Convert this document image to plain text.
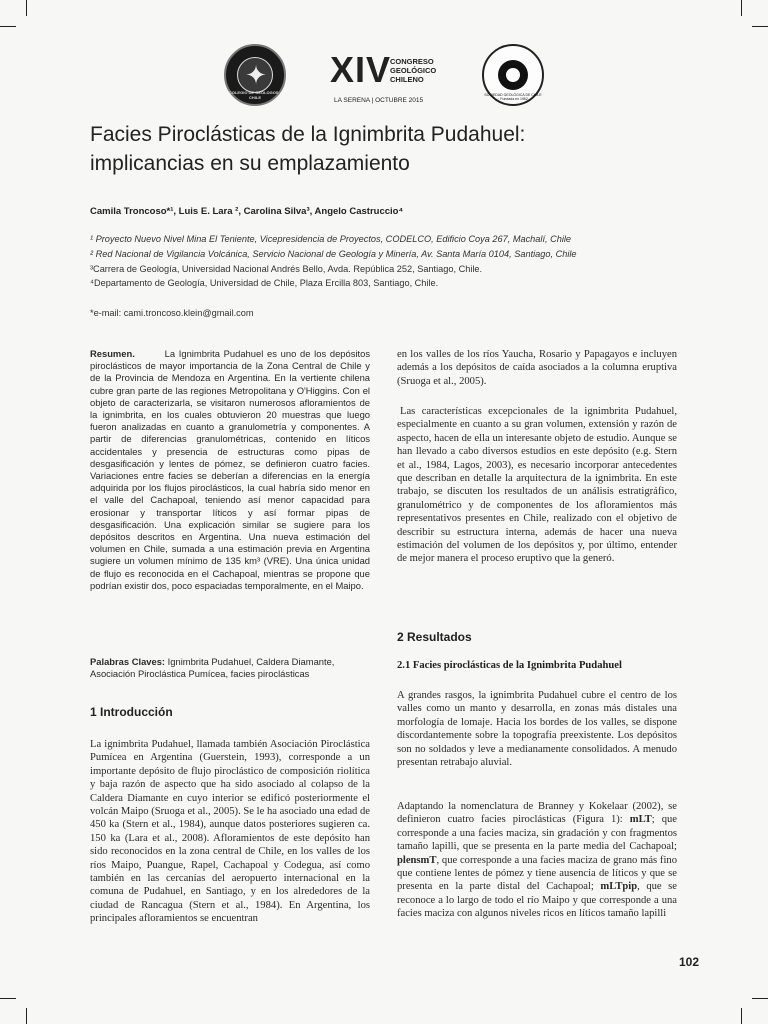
✦
COLEGIO DE GEOLOGOS · CHILE
XIV
CONGRESO
GEOLÓGICO
CHILENO
LA SERENA | OCTUBRE 2015
SOCIEDAD GEOLÓGICA DE CHILE · Fundada en 1962
Facies Piroclásticas de la Ignimbrita Pudahuel:
implicancias en su emplazamiento
Camila Troncoso*¹, Luis E. Lara ², Carolina Silva³, Angelo Castruccio⁴
¹ Proyecto Nuevo Nivel Mina El Teniente, Vicepresidencia de Proyectos, CODELCO, Edificio Coya 267, Machalí, Chile
² Red Nacional de Vigilancia Volcánica, Servicio Nacional de Geología y Minería, Av. Santa María 0104, Santiago, Chile
³Carrera de Geología, Universidad Nacional Andrés Bello, Avda. República 252, Santiago, Chile.
⁴Departamento de Geología, Universidad de Chile, Plaza Ercilla 803, Santiago, Chile.
*e-mail: cami.troncoso.klein@gmail.com

Resumen.	La Ignimbrita Pudahuel es uno de los depósitos piroclásticos de mayor importancia de la Zona Central de Chile y de la Provincia de Mendoza en Argentina. En la vertiente chilena cubre gran parte de las regiones Metropolitana y O'Higgins. Con el objeto de caracterizarla, se visitaron numerosos afloramientos de la ignimbrita, en los cuales obtuvieron 20 muestras que luego fueron analizadas en cuanto a granulometría y componentes. A partir de diferencias granulométricas, contenido en líticos accidentales y presencia de estructuras como pipas de desgasificación y lentes de pómez, se definieron cuatro facies. Variaciones entre facies se deberían a diferencias en la energía adquirida por los flujos piroclásticos, la cual habría sido menor en el valle del Cachapoal, teniendo así menor capacidad para erosionar y transportar líticos y así formar pipas de desgasificación. Una explicación similar se sugiere para los depósitos descritos en Argentina. Una nueva estimación del volumen en Chile, sumada a una estimación previa en Argentina sugiere un volumen mínimo de 135 km³ (VRE). Una única unidad de flujo es reconocida en el Cachapoal, mientras se propone que podrían existir dos, poco espaciadas temporalmente, en el Maipo.

Palabras Claves: Ignimbrita Pudahuel, Caldera Diamante, Asociación Piroclástica Pumícea, facies piroclásticas

1 Introducción
La ignimbrita Pudahuel, llamada también Asociación Piroclástica Pumícea en Argentina (Guerstein, 1993), corresponde a un importante depósito de flujo piroclástico de composición riolítica y baja razón de aspecto que ha sido asociado al colapso de la Caldera Diamante en cuyo interior se edificó posteriormente el volcán Maipo (Sruoga et al., 2005). Se le ha asociado una edad de 450 ka (Stern et al., 1984), aunque datos posteriores sugieren ca. 150 ka (Lara et al., 2008). Afloramientos de este depósito han sido reconocidos en la zona central de Chile, en los valles de los ríos Maipo, Puangue, Rapel, Cachapoal y Codegua, así como también en las cercanías del aeropuerto internacional en la comuna de Pudahuel, en Santiago, y en los alrededores de la ciudad de Rancagua (Stern et al., 1984). En Argentina, los principales afloramientos se encuentran
en los valles de los ríos Yaucha, Rosario y Papagayos e incluyen además a los depósitos de caída asociados a la columna eruptiva (Sruoga et al., 2005).
Las características excepcionales de la ignimbrita Pudahuel, especialmente en cuanto a su gran volumen, extensión y razón de aspecto, hacen de ella un interesante objeto de estudio. Aunque se han llevado a cabo diversos estudios en este depósito (e.g. Stern et al., 1984, Lagos, 2003), es necesario incorporar antecedentes que describan en detalle la arquitectura de la ignimbrita. En este trabajo, se discuten los resultados de un análisis estratigráfico, granulométrico y de componentes de los afloramientos más representativos presentes en Chile, realizado con el objetivo de describir su estructura interna, además de hacer una nueva estimación del volumen de los depósitos y, por último, entender de mejor manera el proceso eruptivo que la generó.
2 Resultados
2.1 Facies piroclásticas de la Ignimbrita Pudahuel
A grandes rasgos, la ignimbrita Pudahuel cubre el centro de los valles como un manto y desarrolla, en zonas más distales una morfología de lomaje. Hacia los bordes de los valles, se dispone discordantemente sobre la topografía preexistente. Los depósitos son no soldados y leve a medianamente consolidados. A menudo presentan retrabajo aluvial.
Adaptando la nomenclatura de Branney y Kokelaar (2002), se definieron cuatro facies piroclásticas (Figura 1): mLT; que corresponde a una facies maciza, sin gradación y con fragmentos tamaño lapilli, que se presenta en la parte media del Cachapoal; plensmT, que corresponde a una facies maciza de grano más fino que contiene lentes de pómez y tiene ausencia de líticos y que se presenta en la parte distal del Cachapoal; mLTpip, que se reconoce a lo largo de todo el río Maipo y que corresponde a una facies maciza con algunos niveles ricos en líticos tamaño lapilli
102
